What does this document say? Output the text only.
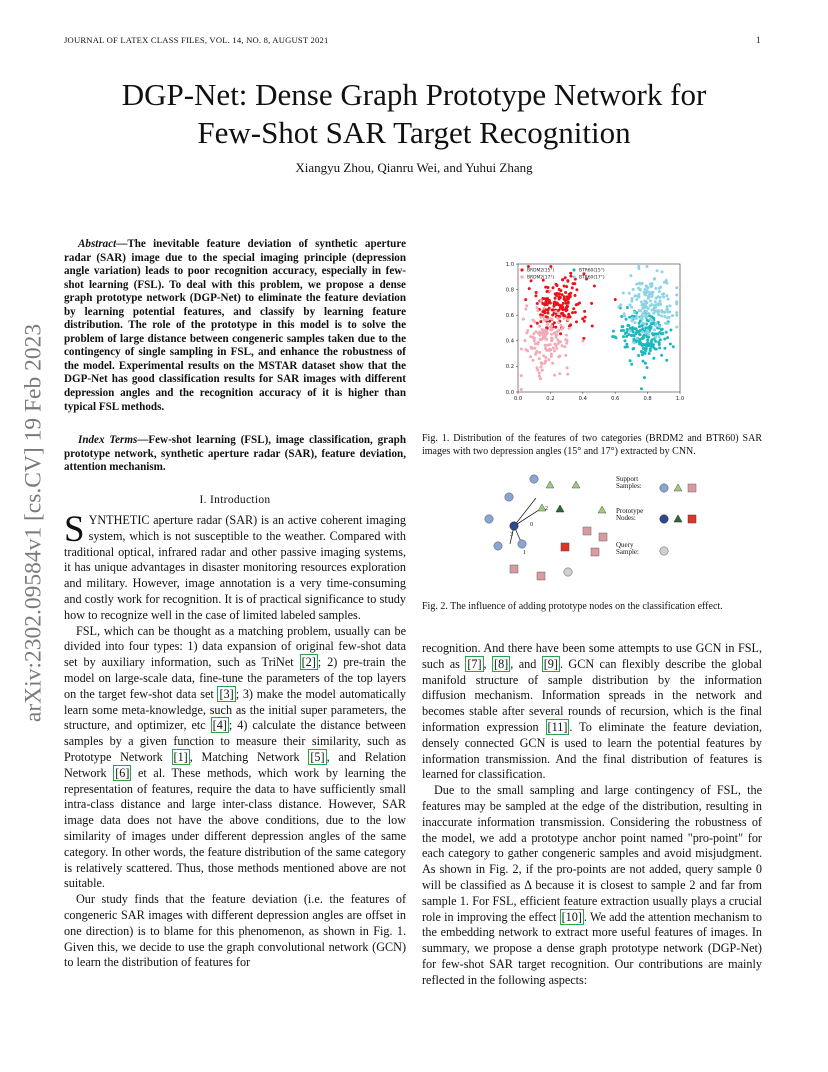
JOURNAL OF LATEX CLASS FILES, VOL. 14, NO. 8, AUGUST 2021	1
arXiv:2302.09584v1 [cs.CV] 19 Feb 2023
DGP-Net: Dense Graph Prototype Network for
Few-Shot SAR Target Recognition
Xiangyu Zhou, Qianru Wei, and Yuhui Zhang
Abstract—The inevitable feature deviation of synthetic aperture radar (SAR) image due to the special imaging principle (depression angle variation) leads to poor recognition accuracy, especially in few-shot learning (FSL). To deal with this problem, we propose a dense graph prototype network (DGP-Net) to eliminate the feature deviation by learning potential features, and classify by learning feature distribution. The role of the prototype in this model is to solve the problem of large distance between congeneric samples taken due to the contingency of single sampling in FSL, and enhance the robustness of the model. Experimental results on the MSTAR dataset show that the DGP-Net has good classification results for SAR images with different depression angles and the recognition accuracy of it is higher than typical FSL methods.
Index Terms—Few-shot learning (FSL), image classification, graph prototype network, synthetic aperture radar (SAR), feature deviation, attention mechanism.
I. Introduction

SYNTHETIC aperture radar (SAR) is an active coherent imaging system, which is not susceptible to the weather. Compared with traditional optical, infrared radar and other passive imaging systems, it has unique advantages in disaster monitoring resources exploration and military. However, image annotation is a very time-consuming and costly work for recognition. It is of practical significance to study how to recognize well in the case of limited labeled samples.

FSL, which can be thought as a matching problem, usually can be divided into four types: 1) data expansion of original few-shot data set by auxiliary information, such as TriNet [2] ; 2) pre-train the model on large-scale data, fine-tune the parameters of the top layers on the target few-shot data set [3] ; 3) make the model automatically learn some meta-knowledge, such as the initial super parameters, the structure, and optimizer, etc [4] ; 4) calculate the distance between samples by a given function to measure their similarity, such as Prototype Network [1] , Matching Network [5] , and Relation Network [6] et al. These methods, which work by learning the representation of features, require the data to have sufficiently small intra-class distance and large inter-class distance. However, SAR image data does not have the above conditions, due to the low similarity of images under different depression angles of the same category. In other words, the feature distribution of the same category is relatively scattered. Thus, those methods mentioned above are not suitable.

Our study finds that the feature deviation (i.e. the features of congeneric SAR images with different depression angles are offset in one direction) is to blame for this phenomenon, as shown in Fig. 1. Given this, we decide to use the graph convolutional network (GCN) to learn the distribution of features for

0.0	0.2	0.4	0.6	0.8	1.0
0.0
0.2
0.4
0.6
0.8
1.0
BRDM2(15°)
BRDM2(17°)
BTR60(15°)
BTR60(17°)
Fig. 1. Distribution of the features of two categories (BRDM2 and BTR60) SAR images with two depression angles (15° and 17°) extracted by CNN.
2
0
3
1
Support Samples:
Prototype Nodes:
Query Sample:
Fig. 2. The influence of adding prototype nodes on the classification effect.

recognition. And there have been some attempts to use GCN in FSL, such as [7] , [8] , and [9] . GCN can flexibly describe the global manifold structure of sample distribution by the information diffusion mechanism. Information spreads in the network and becomes stable after several rounds of recursion, which is the final information expression [11] . To eliminate the feature deviation, densely connected GCN is used to learn the potential features by information transmission. And the final distribution of features is learned for classification.

Due to the small sampling and large contingency of FSL, the features may be sampled at the edge of the distribution, resulting in inaccurate information transmission. Considering the robustness of the model, we add a prototype anchor point named "pro-point" for each category to gather congeneric samples and avoid misjudgment. As shown in Fig. 2, if the pro-points are not added, query sample 0 will be classified as Δ because it is closest to sample 2 and far from sample 1. For FSL, efficient feature extraction usually plays a crucial role in improving the effect [10] . We add the attention mechanism to the embedding network to extract more useful features of images. In summary, we propose a dense graph prototype network (DGP-Net) for few-shot SAR target recognition. Our contributions are mainly reflected in the following aspects:
